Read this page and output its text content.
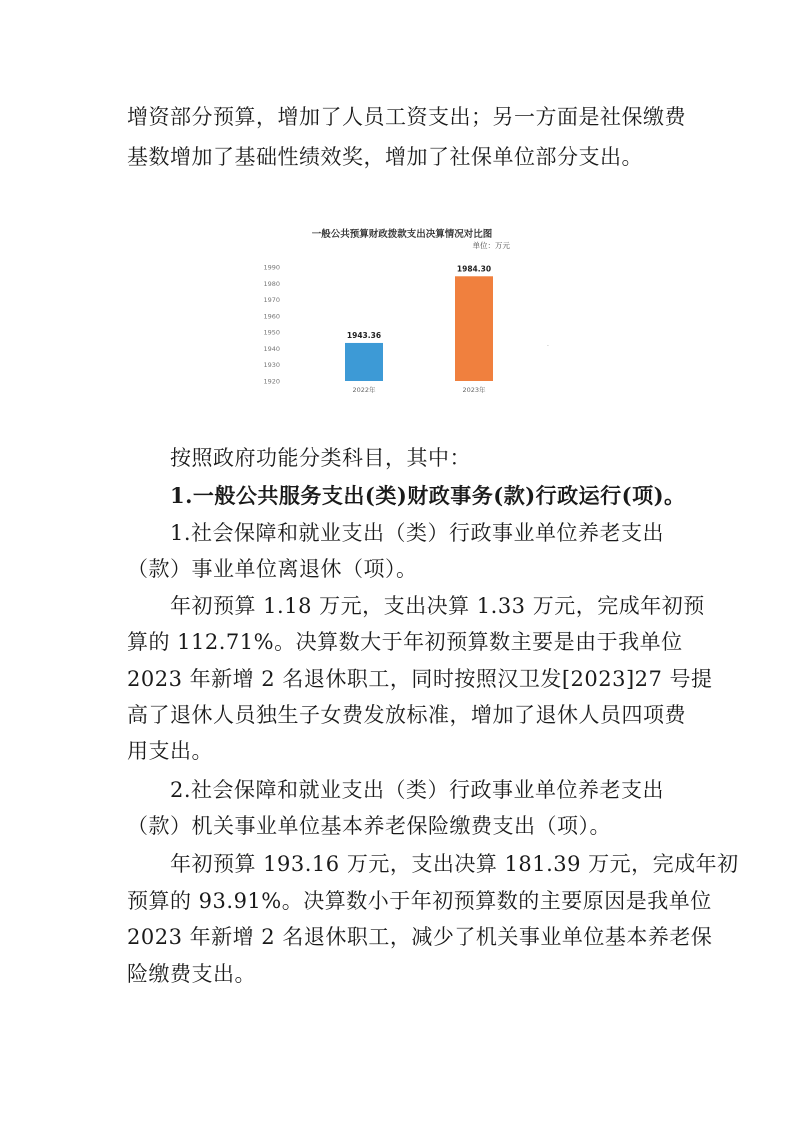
增资部分预算，增加了人员工资支出；另一方面是社保缴费
基数增加了基础性绩效奖，增加了社保单位部分支出。
一般公共预算财政拨款支出决算情况对比图
单位：万元
1920
1930
1940
1950
1960
1970
1980
1990
1943.36
1984.30
2022年	2023年
·
按照政府功能分类科目，其中：
1.一般公共服务支出(类)财政事务(款)行政运行(项)。
1.社会保障和就业支出（类）行政事业单位养老支出
（款）事业单位离退休（项）。
年初预算 1.18 万元，支出决算 1.33 万元，完成年初预
算的 112.71%。决算数大于年初预算数主要是由于我单位
2023 年新增 2 名退休职工，同时按照汉卫发[2023]27 号提
高了退休人员独生子女费发放标准，增加了退休人员四项费
用支出。
2.社会保障和就业支出（类）行政事业单位养老支出
（款）机关事业单位基本养老保险缴费支出（项）。
年初预算 193.16 万元，支出决算 181.39 万元，完成年初
预算的 93.91%。决算数小于年初预算数的主要原因是我单位
2023 年新增 2 名退休职工，减少了机关事业单位基本养老保
险缴费支出。
